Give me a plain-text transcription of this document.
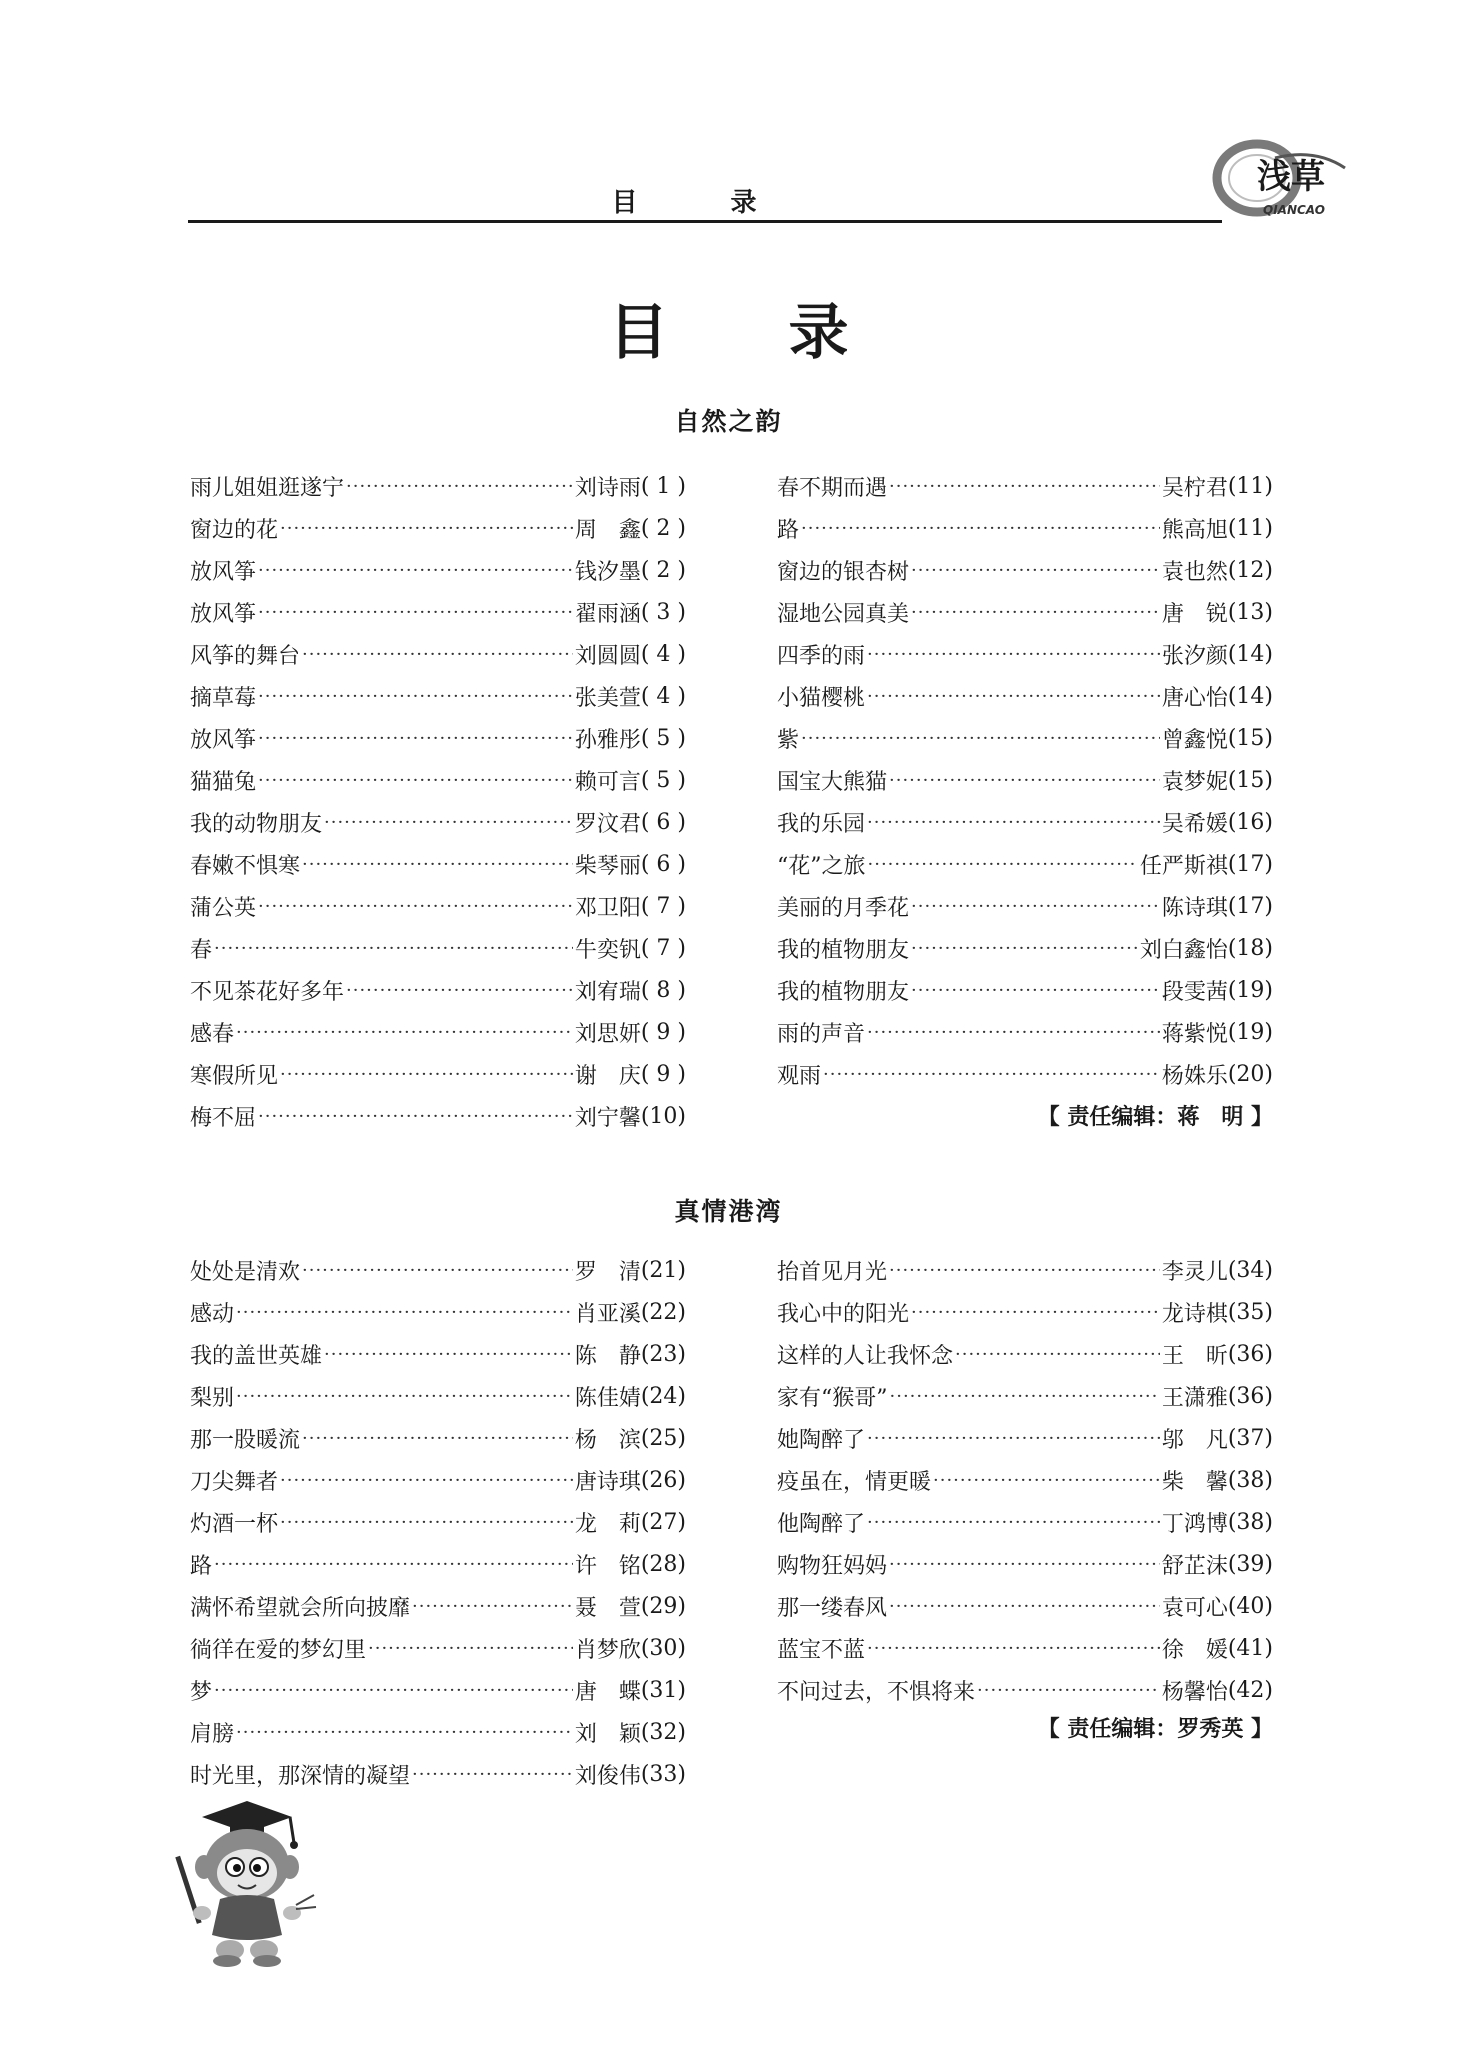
目 录
浅草
QIANCAO
目录
自然之韵
雨儿姐姐逛遂宁 ·····	刘诗雨 ( 1 )
窗边的花 ·····	周　鑫 ( 2 )
放风筝 ·····	钱汐墨 ( 2 )
放风筝 ·····	翟雨涵 ( 3 )
风筝的舞台 ·····	刘圆圆 ( 4 )
摘草莓 ·····	张美萱 ( 4 )
放风筝 ·····	孙雅彤 ( 5 )
猫猫兔 ·····	赖可言 ( 5 )
我的动物朋友 ·····	罗汶君 ( 6 )
春嫩不惧寒 ·····	柴琴丽 ( 6 )
蒲公英 ·····	邓卫阳 ( 7 )
春 ·····	牛奕钒 ( 7 )
不见茶花好多年 ·····	刘宥瑞 ( 8 )
感春 ·····	刘思妍 ( 9 )
寒假所见 ·····	谢　庆 ( 9 )
梅不屈 ·····	刘宁馨 (10)
春不期而遇 ·····	吴柠君 (11)
路 ·····	熊高旭 (11)
窗边的银杏树 ·····	袁也然 (12)
湿地公园真美 ·····	唐　锐 (13)
四季的雨 ·····	张汐颜 (14)
小猫樱桃 ·····	唐心怡 (14)
紫 ·····	曾鑫悦 (15)
国宝大熊猫 ·····	袁梦妮 (15)
我的乐园 ·····	吴希媛 (16)
“花”之旅 ·····	任严斯祺 (17)
美丽的月季花 ·····	陈诗琪 (17)
我的植物朋友 ·····	刘白鑫怡 (18)
我的植物朋友 ·····	段雯茜 (19)
雨的声音 ·····	蒋紫悦 (19)
观雨 ·····	杨姝乐 (20)
【 责任编辑：蒋　明 】
真情港湾
处处是清欢 ·····	罗　清 (21)
感动 ·····	肖亚溪 (22)
我的盖世英雄 ·····	陈　静 (23)
梨别 ·····	陈佳婧 (24)
那一股暖流 ·····	杨　滨 (25)
刀尖舞者 ·····	唐诗琪 (26)
灼酒一杯 ·····	龙　莉 (27)
路 ·····	许　铭 (28)
满怀希望就会所向披靡 ·····	聂　萱 (29)
徜徉在爱的梦幻里 ·····	肖梦欣 (30)
梦 ·····	唐　蝶 (31)
肩膀 ·····	刘　颖 (32)
时光里，那深情的凝望 ·····	刘俊伟 (33)
抬首见月光 ·····	李灵儿 (34)
我心中的阳光 ·····	龙诗棋 (35)
这样的人让我怀念 ·····	王　昕 (36)
家有“猴哥” ·····	王潇雅 (36)
她陶醉了 ·····	邬　凡 (37)
疫虽在，情更暖 ·····	柴　馨 (38)
他陶醉了 ·····	丁鸿博 (38)
购物狂妈妈 ·····	舒芷沫 (39)
那一缕春风 ·····	袁可心 (40)
蓝宝不蓝 ·····	徐　媛 (41)
不问过去，不惧将来 ·····	杨馨怡 (42)
【 责任编辑：罗秀英 】
